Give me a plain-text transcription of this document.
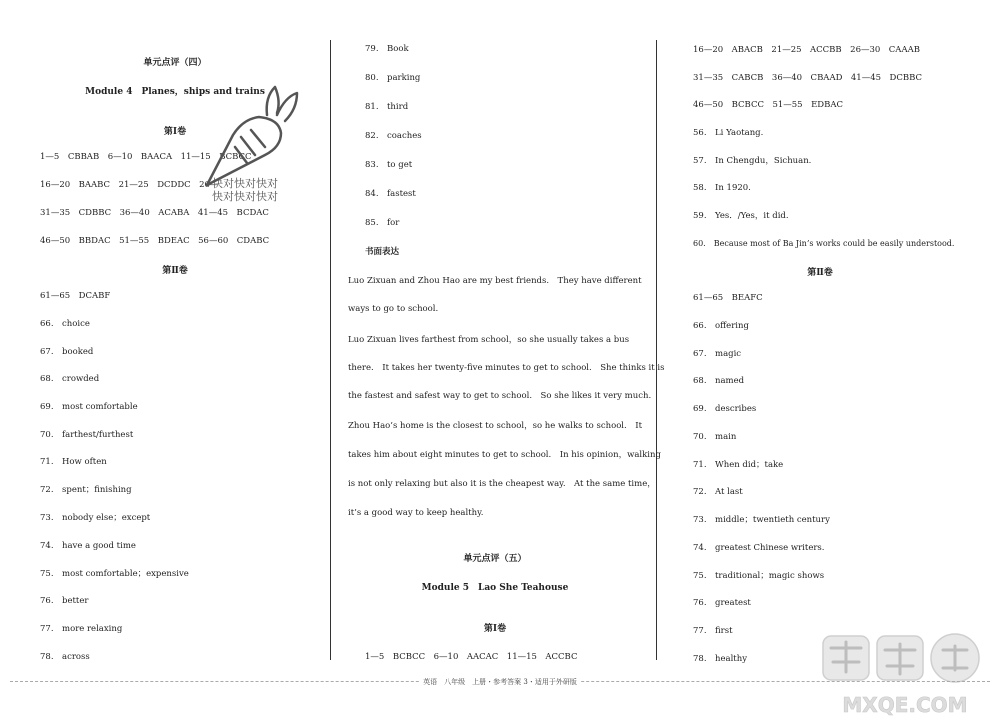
单元点评（四）
Module 4　Planes，ships and trains
第Ⅰ卷
1—5　CBBAB　6—10　BAACA　11—15　BCBCC
16—20　BAABC　21—25　DCDDC　26—
31—35　CDBBC　36—40　ACABA　41—45　BCDAC
46—50　BBDAC　51—55　BDEAC　56—60　CDABC
第Ⅱ卷
61—65　DCABF
66.　choice
67.　booked
68.　crowded
69.　most comfortable
70.　farthest/furthest
71.　How often
72.　spent；finishing
73.　nobody else；except
74.　have a good time
75.　most comfortable；expensive
76.　better
77.　more relaxing
78.　across
快对快对快对
快对快对快对
79.　Book
80.　parking
81.　third
82.　coaches
83.　to get
84.　fastest
85.　for
书面表达
Luo Zixuan and Zhou Hao are my best friends.　They have different
ways to go to school.
Luo Zixuan lives farthest from school，so she usually takes a bus
there.　It takes her twenty-five minutes to get to school.　She thinks it is
the fastest and safest way to get to school.　So she likes it very much.
Zhou Hao’s home is the closest to school，so he walks to school.　It
takes him about eight minutes to get to school.　In his opinion，walking
is not only relaxing but also it is the cheapest way.　At the same time，
it’s a good way to keep healthy.
单元点评（五）
Module 5　Lao She Teahouse
第Ⅰ卷
1—5　BCBCC　6—10　AACAC　11—15　ACCBC
16—20　ABACB　21—25　ACCBB　26—30　CAAAB
31—35　CABCB　36—40　CBAAD　41—45　DCBBC
46—50　BCBCC　51—55　EDBAC
56.　Li Yaotang.
57.　In Chengdu，Sichuan.
58.　In 1920.
59.　Yes．/Yes，it did.
60.　Because most of Ba Jin’s works could be easily understood.
第Ⅱ卷
61—65　BEAFC
66.　offering
67.　magic
68.　named
69.　describes
70.　main
71.　When did；take
72.　At last
73.　middle；twentieth century
74.　greatest Chinese writers.
75.　traditional；magic shows
76.　greatest
77.　first
78.　healthy
MXQE.COM
英语　八年级　上册・参考答案 3・适用于外研版
